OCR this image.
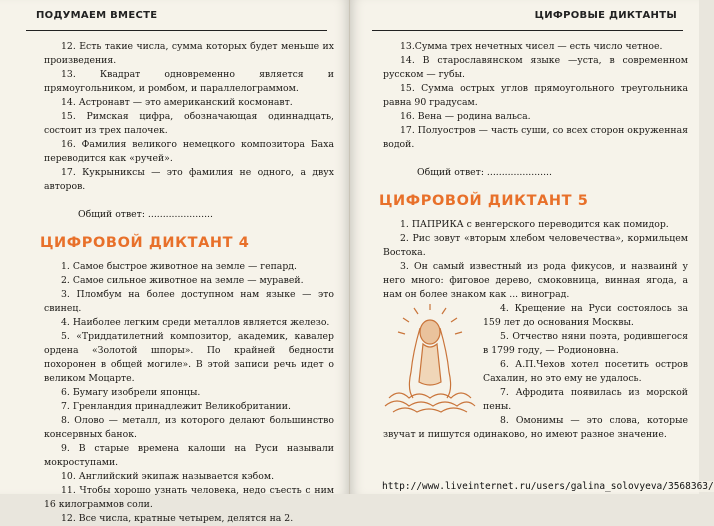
ПОДУМАЕМ ВМЕСТЕ

12. Есть такие числа, сумма которых будет меньше их произведения.

13. Квадрат одновременно является и прямоугольником, и ромбом, и параллелограммом.

14. Астронавт — это американский космонавт.

15. Римская цифра, обозначающая одиннадцать, состоит из трех палочек.

16. Фамилия великого немецкого композитора Баха переводится как «ручей».

17. Кукрыниксы — это фамилия не одного, а двух авторов.

Общий ответ: ......................

ЦИФРОВОЙ ДИКТАНТ 4

1. Самое быстрое животное на земле — гепард.

2. Самое сильное животное на земле — муравей.

3. Пломбум на более доступном нам языке — это свинец.

4. Наиболее легким среди металлов является железо.

5. «Триддатилетний композитор, академик, кавалер ордена «Золотой шпоры». По крайней бедности похоронен в общей могиле». В этой записи речь идет о великом Моцарте.

6. Бумагу изобрели японцы.

7. Гренландия принадлежит Великобритании.

8. Олово — металл, из которого делают большинство консервных банок.

9. В старые времена калоши на Руси называли мокроступами.

10. Английский экипаж называется кэбом.

11. Чтобы хорошо узнать человека, недо съесть с ним 16 килограммов соли.

12. Все числа, кратные четырем, делятся на 2.

ЦИФРОВЫЕ ДИКТАНТЫ

13.Сумма трех нечетных чисел — есть число четное.

14. В старославянском языке —уста, в современном русском — губы.

15. Сумма острых углов прямоугольного треугольника равна 90 градусам.

16. Вена — родина вальса.

17. Полуостров — часть суши, со всех сторон окруженная водой.

Общий ответ: ......................

ЦИФРОВОЙ ДИКТАНТ 5

1. ПАПРИКА с венгерского переводится как помидор.

2. Рис зовут «вторым хлебом человечества», кормильцем Востока.

3. Он самый известный из рода фикусов, и назваинй у него много: фиговое дерево, смоковница, винная ягода, а нам он более знаком как ... виноград.

4. Крещение на Руси состоялось за 159 лет до основания Москвы.

5. Отчество няни поэта, родившегося в 1799 году, — Родионовна.

6. А.П.Чехов хотел посетить остров Сахалин, но это ему не удалось.

7. Афродита появилась из морской пены.

8. Омонимы — это слова, которые звучат и пишутся одинаково, но имеют разное значение.

http://www.liveinternet.ru/users/galina_solovyeva/3568363/
